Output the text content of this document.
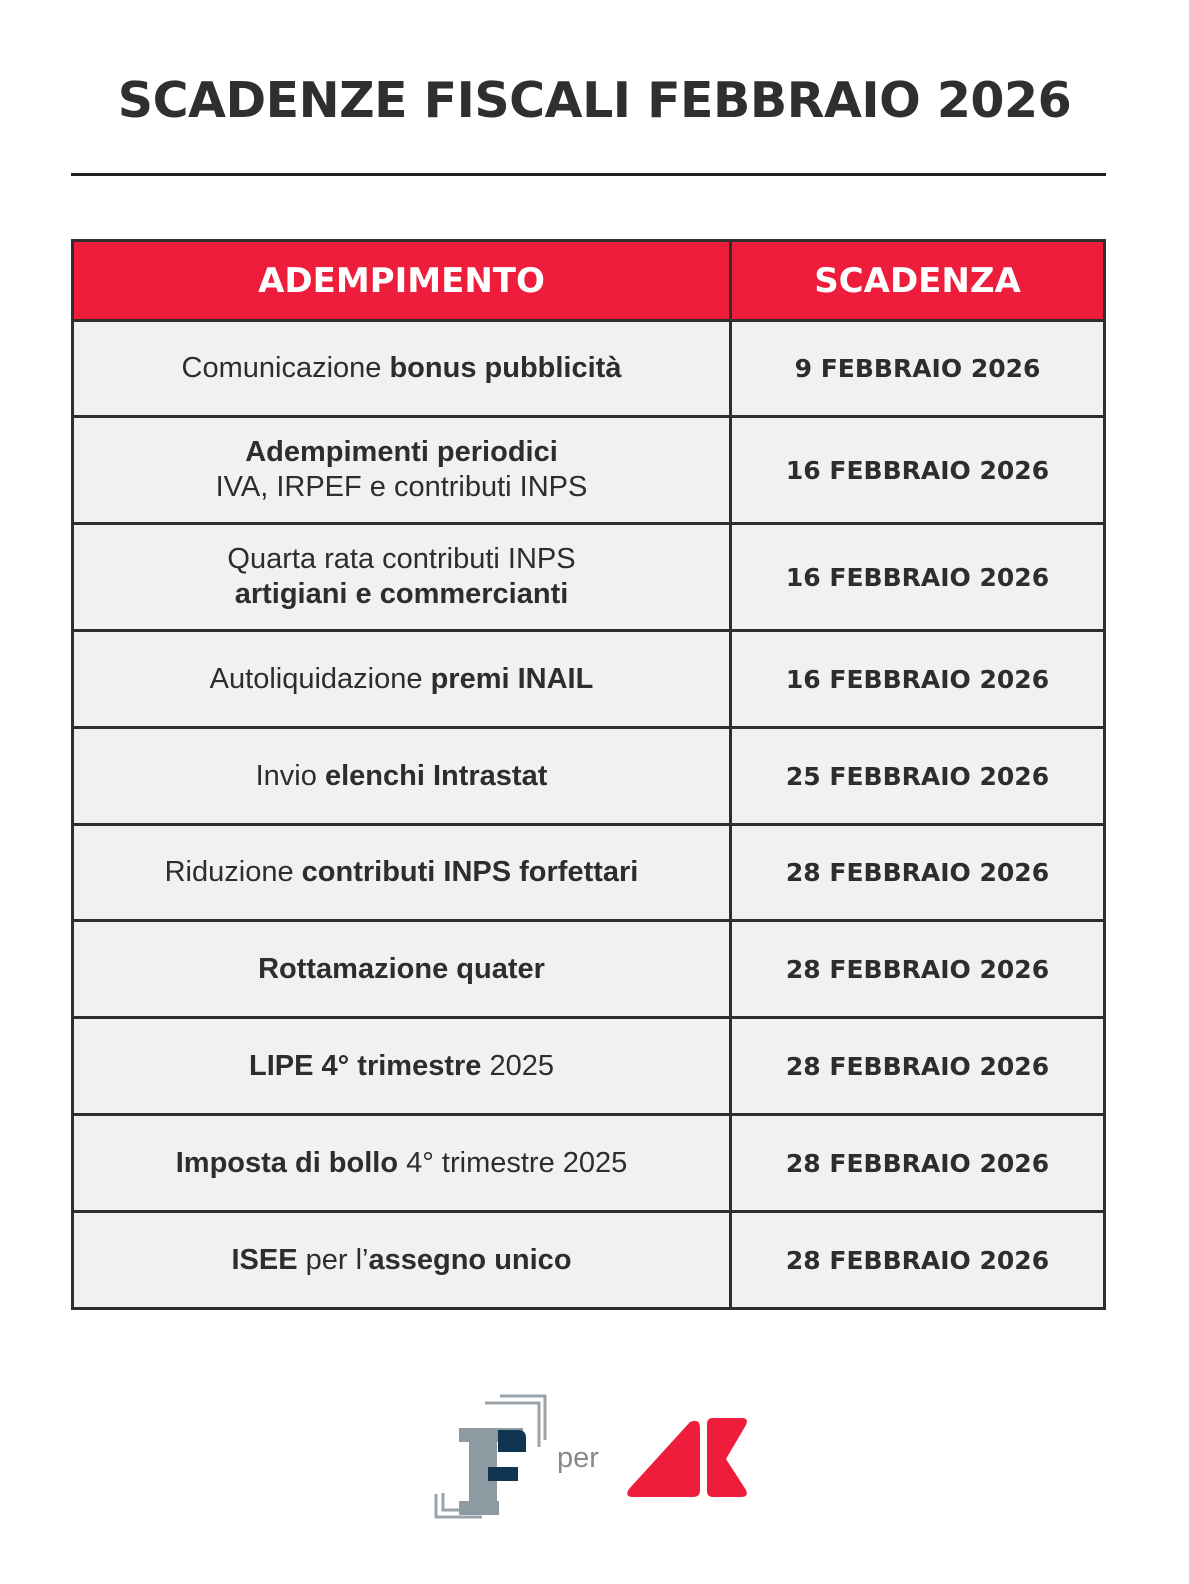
SCADENZE FISCALI FEBBRAIO 2026
ADEMPIMENTO	SCADENZA
Comunicazione bonus pubblicità	9 FEBBRAIO 2026

Adempimenti periodici
IVA, IRPEF e contributi INPS	16 FEBBRAIO 2026

Quarta rata contributi INPS
artigiani e commercianti	16 FEBBRAIO 2026
Autoliquidazione premi INAIL	16 FEBBRAIO 2026
Invio elenchi Intrastat	25 FEBBRAIO 2026
Riduzione contributi INPS forfettari	28 FEBBRAIO 2026
Rottamazione quater	28 FEBBRAIO 2026
LIPE 4° trimestre 2025	28 FEBBRAIO 2026
Imposta di bollo 4° trimestre 2025	28 FEBBRAIO 2026
ISEE per l’assegno unico	28 FEBBRAIO 2026
per
